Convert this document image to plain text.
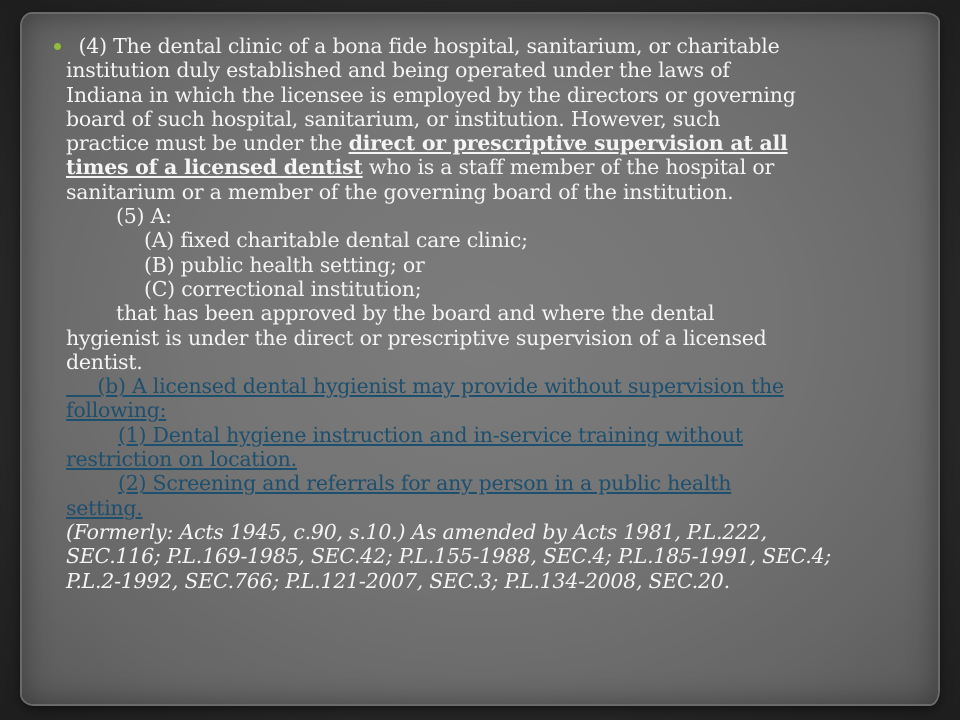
(4) The dental clinic of a bona fide hospital, sanitarium, or charitable
institution duly established and being operated under the laws of
Indiana in which the licensee is employed by the directors or governing
board of such hospital, sanitarium, or institution. However, such
practice must be under the direct or prescriptive supervision at all
times of a licensed dentist who is a staff member of the hospital or
sanitarium or a member of the governing board of the institution.
(5) A:
(A) fixed charitable dental care clinic;
(B) public health setting; or
(C) correctional institution;
that has been approved by the board and where the dental
hygienist is under the direct or prescriptive supervision of a licensed
dentist.
(b) A licensed dental hygienist may provide without supervision the
following:
(1) Dental hygiene instruction and in-service training without
restriction on location.
(2) Screening and referrals for any person in a public health
setting.
(Formerly: Acts 1945, c.90, s.10.) As amended by Acts 1981, P.L.222,
SEC.116; P.L.169-1985, SEC.42; P.L.155-1988, SEC.4; P.L.185-1991, SEC.4;
P.L.2-1992, SEC.766; P.L.121-2007, SEC.3; P.L.134-2008, SEC.20.
